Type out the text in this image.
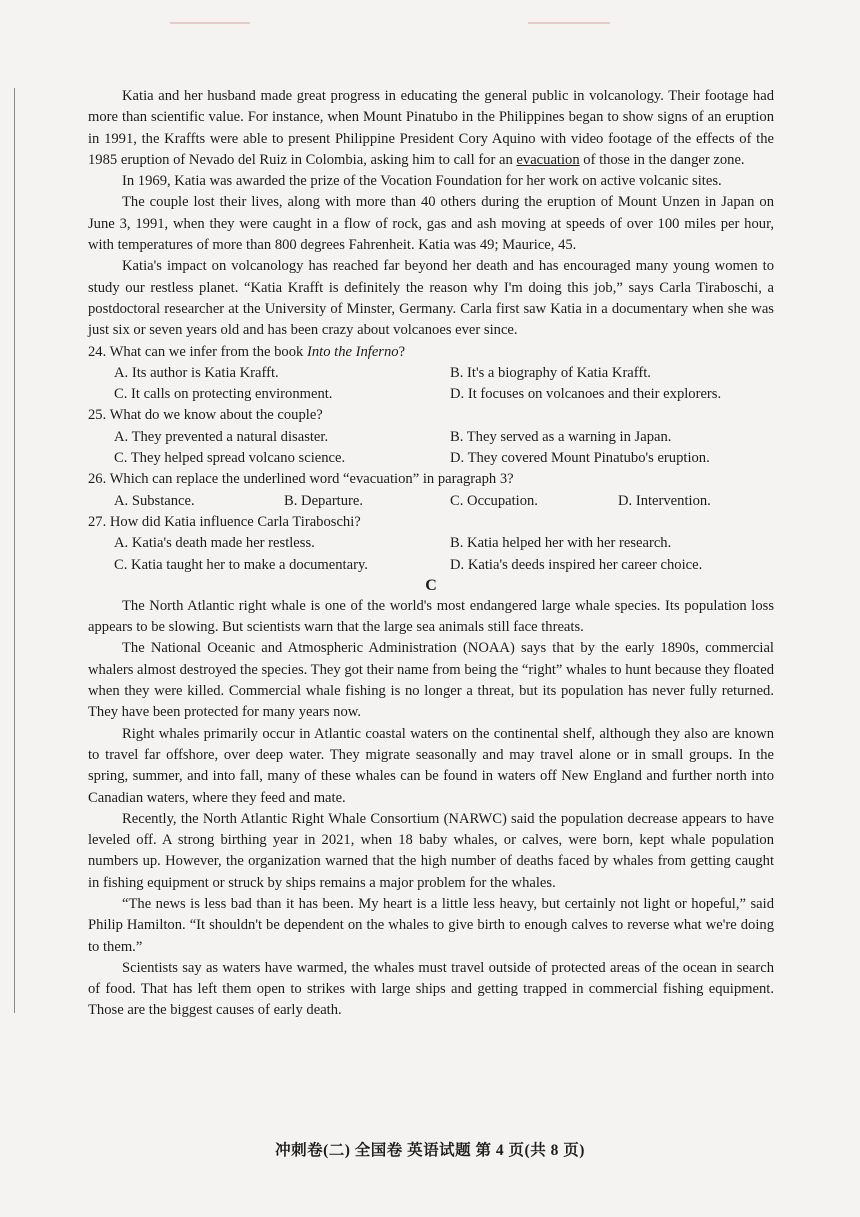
Katia and her husband made great progress in educating the general public in volcanology. Their footage had more than scientific value. For instance, when Mount Pinatubo in the Philippines began to show signs of an eruption in 1991, the Kraffts were able to present Philippine President Cory Aquino with video footage of the effects of the 1985 eruption of Nevado del Ruiz in Colombia, asking him to call for an evacuation of those in the danger zone.

In 1969, Katia was awarded the prize of the Vocation Foundation for her work on active volcanic sites.

The couple lost their lives, along with more than 40 others during the eruption of Mount Unzen in Japan on June 3, 1991, when they were caught in a flow of rock, gas and ash moving at speeds of over 100 miles per hour, with temperatures of more than 800 degrees Fahrenheit. Katia was 49; Maurice, 45.

Katia's impact on volcanology has reached far beyond her death and has encouraged many young women to study our restless planet. “Katia Krafft is definitely the reason why I'm doing this job,” says Carla Tiraboschi, a postdoctoral researcher at the University of Minster, Germany. Carla first saw Katia in a documentary when she was just six or seven years old and has been crazy about volcanoes ever since.

24. What can we infer from the book Into the Inferno?
A. Its author is Katia Krafft.	B. It's a biography of Katia Krafft.
C. It calls on protecting environment.	D. It focuses on volcanoes and their explorers.
25. What do we know about the couple?
A. They prevented a natural disaster.	B. They served as a warning in Japan.
C. They helped spread volcano science.	D. They covered Mount Pinatubo's eruption.
26. Which can replace the underlined word “evacuation” in paragraph 3?
A. Substance.	B. Departure.	C. Occupation.	D. Intervention.
27. How did Katia influence Carla Tiraboschi?
A. Katia's death made her restless.	B. Katia helped her with her research.
C. Katia taught her to make a documentary.	D. Katia's deeds inspired her career choice.
C

The North Atlantic right whale is one of the world's most endangered large whale species. Its population loss appears to be slowing. But scientists warn that the large sea animals still face threats.

The National Oceanic and Atmospheric Administration (NOAA) says that by the early 1890s, commercial whalers almost destroyed the species. They got their name from being the “right” whales to hunt because they floated when they were killed. Commercial whale fishing is no longer a threat, but its population has never fully returned. They have been protected for many years now.

Right whales primarily occur in Atlantic coastal waters on the continental shelf, although they also are known to travel far offshore, over deep water. They migrate seasonally and may travel alone or in small groups. In the spring, summer, and into fall, many of these whales can be found in waters off New England and further north into Canadian waters, where they feed and mate.

Recently, the North Atlantic Right Whale Consortium (NARWC) said the population decrease appears to have leveled off. A strong birthing year in 2021, when 18 baby whales, or calves, were born, kept whale population numbers up. However, the organization warned that the high number of deaths faced by whales from getting caught in fishing equipment or struck by ships remains a major problem for the whales.

“The news is less bad than it has been. My heart is a little less heavy, but certainly not light or hopeful,” said Philip Hamilton. “It shouldn't be dependent on the whales to give birth to enough calves to reverse what we're doing to them.”

Scientists say as waters have warmed, the whales must travel outside of protected areas of the ocean in search of food. That has left them open to strikes with large ships and getting trapped in commercial fishing equipment. Those are the biggest causes of early death.

冲刺卷(二) 全国卷 英语试题 第 4 页(共 8 页)
